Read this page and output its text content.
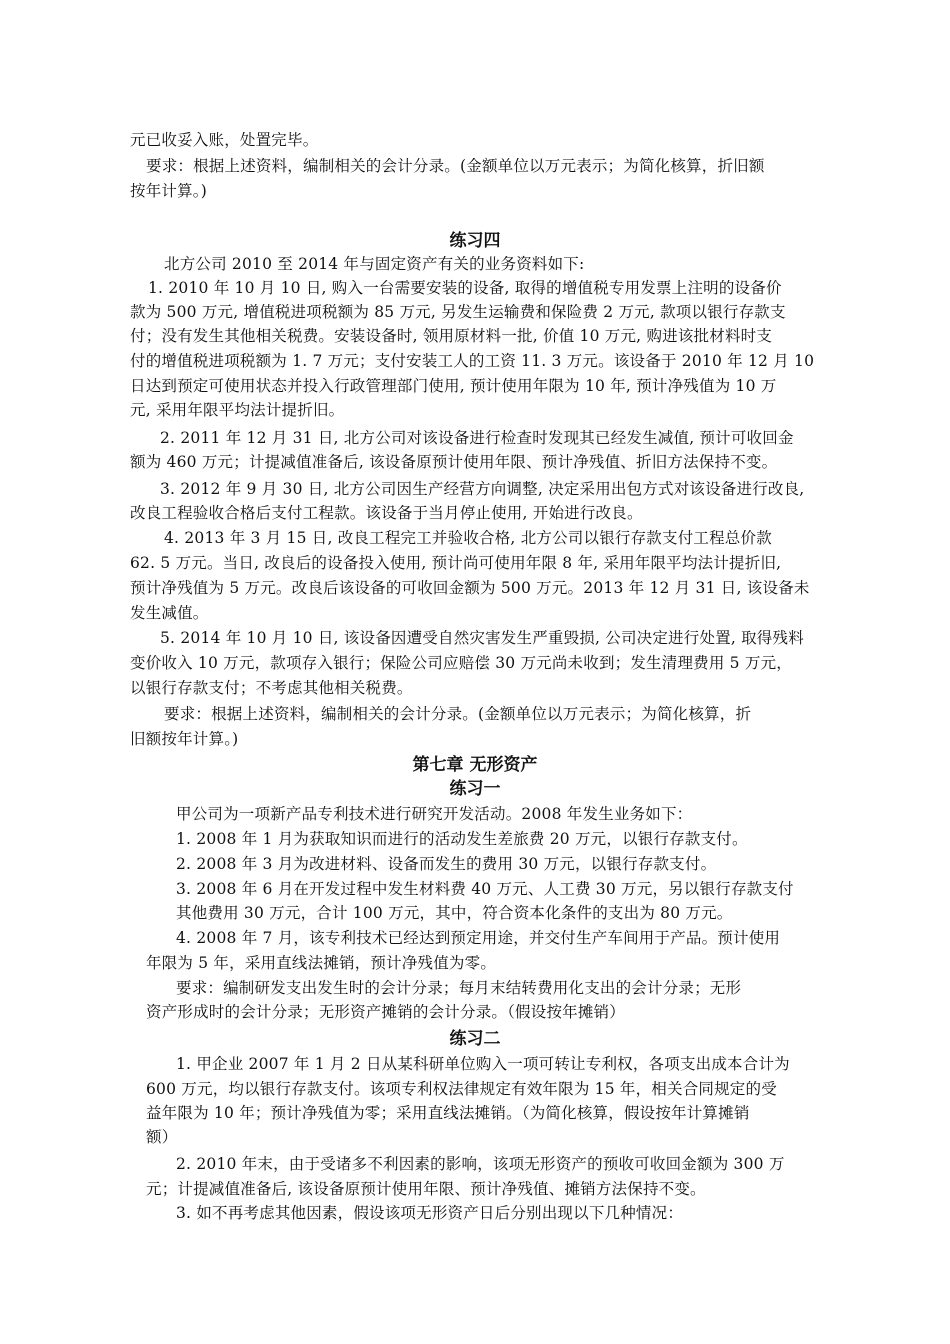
元已收妥入账，处置完毕。
要求：根据上述资料，编制相关的会计分录。(金额单位以万元表示；为简化核算，折旧额
按年计算。)
练习四
北方公司 2010 至 2014 年与固定资产有关的业务资料如下:
1. 2010 年 10 月 10 日, 购入一台需要安装的设备, 取得的增值税专用发票上注明的设备价
款为 500 万元, 增值税进项税额为 85 万元, 另发生运输费和保险费 2 万元, 款项以银行存款支
付；没有发生其他相关税费。安装设备时, 领用原材料一批, 价值 10 万元, 购进该批材料时支
付的增值税进项税额为 1. 7 万元；支付安装工人的工资 11. 3 万元。该设备于 2010 年 12 月 10
日达到预定可使用状态并投入行政管理部门使用, 预计使用年限为 10 年, 预计净残值为 10 万
元, 采用年限平均法计提折旧。
2. 2011 年 12 月 31 日, 北方公司对该设备进行检查时发现其已经发生减值, 预计可收回金
额为 460 万元；计提减值准备后, 该设备原预计使用年限、预计净残值、折旧方法保持不变。
3. 2012 年 9 月 30 日, 北方公司因生产经营方向调整, 决定采用出包方式对该设备进行改良,
改良工程验收合格后支付工程款。该设备于当月停止使用, 开始进行改良。
4. 2013 年 3 月 15 日, 改良工程完工并验收合格, 北方公司以银行存款支付工程总价款
62. 5 万元。当日, 改良后的设备投入使用, 预计尚可使用年限 8 年, 采用年限平均法计提折旧,
预计净残值为 5 万元。改良后该设备的可收回金额为 500 万元。2013 年 12 月 31 日, 该设备未
发生减值。
5. 2014 年 10 月 10 日, 该设备因遭受自然灾害发生严重毁损, 公司决定进行处置, 取得残料
变价收入 10 万元，款项存入银行；保险公司应赔偿 30 万元尚未收到；发生清理费用 5 万元，
以银行存款支付；不考虑其他相关税费。
要求：根据上述资料，编制相关的会计分录。(金额单位以万元表示；为简化核算，折
旧额按年计算。)
第七章 无形资产
练习一
甲公司为一项新产品专利技术进行研究开发活动。2008 年发生业务如下：
1. 2008 年 1 月为获取知识而进行的活动发生差旅费 20 万元，以银行存款支付。
2. 2008 年 3 月为改进材料、设备而发生的费用 30 万元，以银行存款支付。
3. 2008 年 6 月在开发过程中发生材料费 40 万元、人工费 30 万元，另以银行存款支付
其他费用 30 万元，合计 100 万元，其中，符合资本化条件的支出为 80 万元。
4. 2008 年 7 月，该专利技术已经达到预定用途，并交付生产车间用于产品。预计使用
年限为 5 年，采用直线法摊销，预计净残值为零。
要求：编制研发支出发生时的会计分录；每月末结转费用化支出的会计分录；无形
资产形成时的会计分录；无形资产摊销的会计分录。（假设按年摊销）
练习二
1. 甲企业 2007 年 1 月 2 日从某科研单位购入一项可转让专利权，各项支出成本合计为
600 万元，均以银行存款支付。该项专利权法律规定有效年限为 15 年，相关合同规定的受
益年限为 10 年；预计净残值为零；采用直线法摊销。（为简化核算，假设按年计算摊销
额）
2. 2010 年末，由于受诸多不利因素的影响，该项无形资产的预收可收回金额为 300 万
元；计提减值准备后, 该设备原预计使用年限、预计净残值、摊销方法保持不变。
3. 如不再考虑其他因素，假设该项无形资产日后分别出现以下几种情况：
